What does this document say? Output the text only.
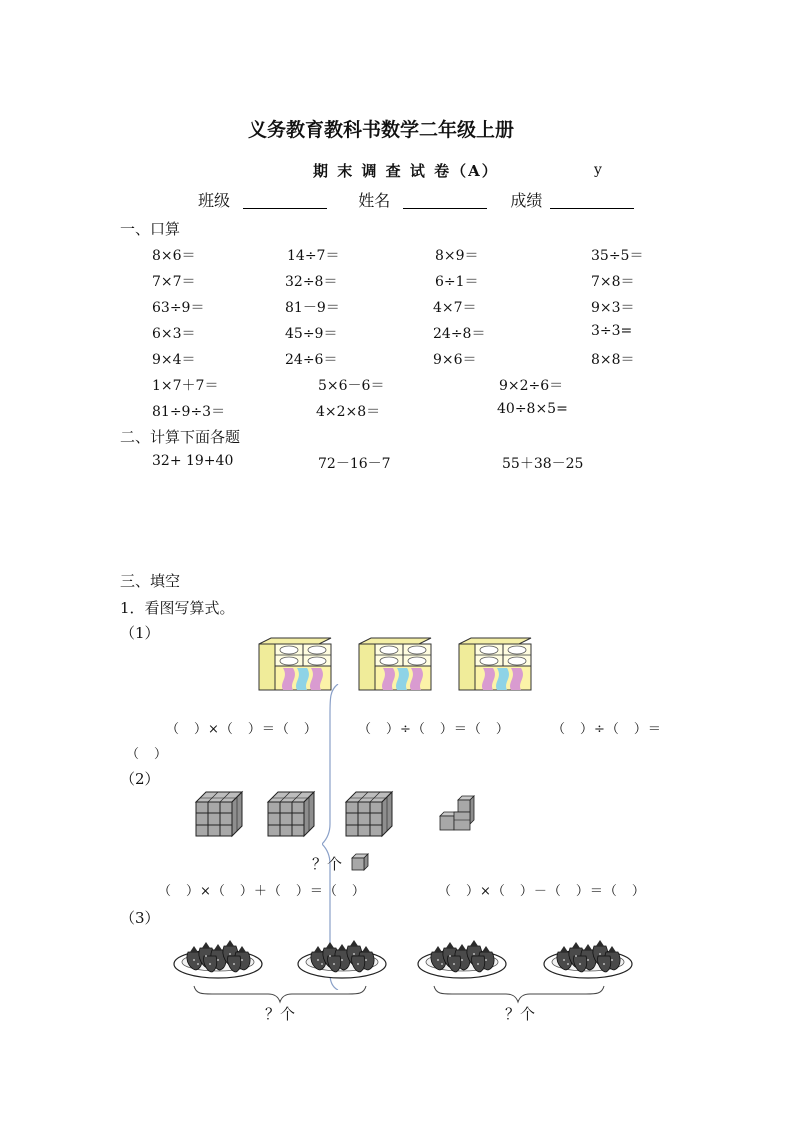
义务教育教科书数学二年级上册
期 末 调 查 试 卷（A）	y
班级	姓名	成绩
一、口算
8×6＝	14÷7＝	8×9＝	35÷5＝
7×7＝	32÷8＝	6÷1＝	7×8＝
63÷9＝	81－9＝	4×7＝	9×3＝
6×3＝	45÷9＝	24÷8＝	3÷3=
9×4＝	24÷6＝	9×6＝	8×8＝
1×7＋7＝	5×6－6＝	9×2÷6＝
81÷9÷3＝	4×2×8＝	40÷8×5=
二、计算下面各题
32+ 19+40	72－16－7	55＋38－25
三、填空
1．看图写算式。
（1）
（　）×（　）＝（　）	（　）÷（　）＝（　）	（　）÷（　）＝
（　）
（2）
？个
（　）×（　）＋（　）＝（　）	（　）×（　）－（　）＝（　）
（3）
？个	？个
